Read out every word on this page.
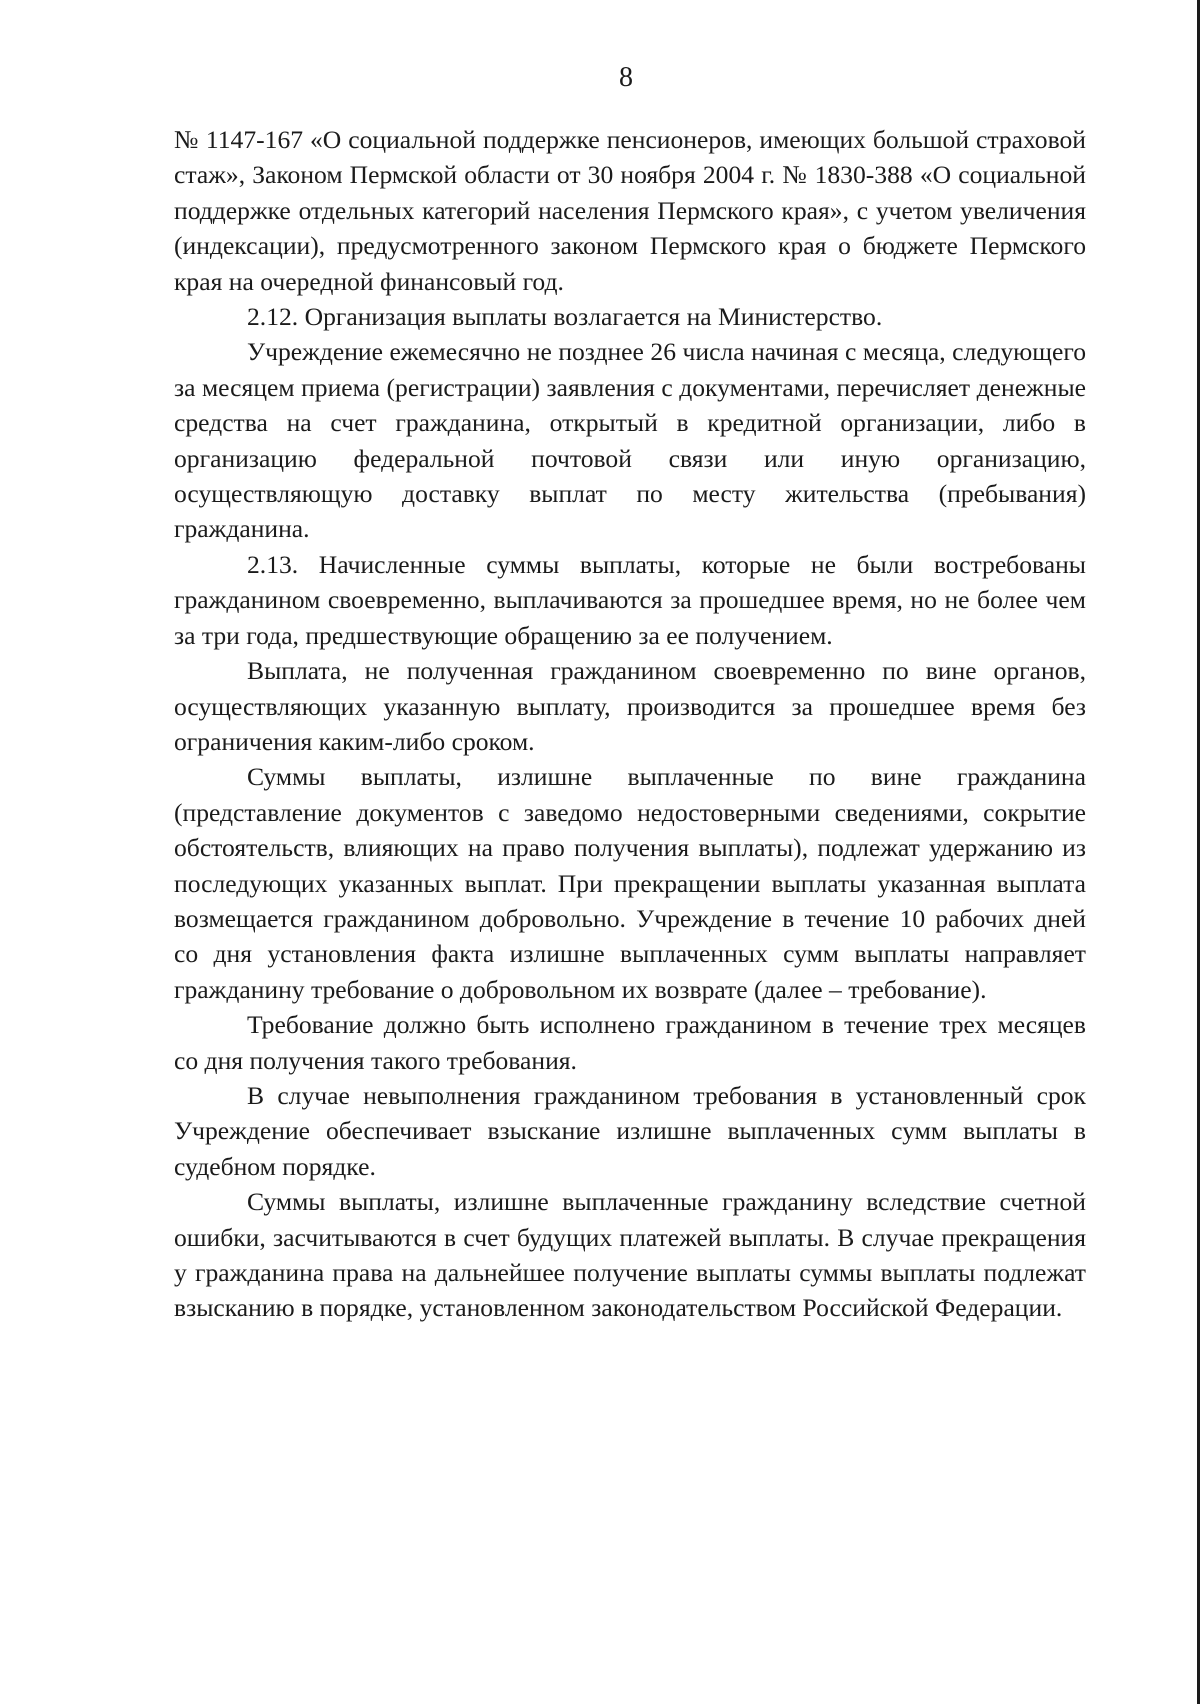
8

№ 1147-167 «О социальной поддержке пенсионеров, имеющих большой страховой стаж», Законом Пермской области от 30 ноября 2004 г. № 1830-388 «О социальной поддержке отдельных категорий населения Пермского края», с учетом увеличения (индексации), предусмотренного законом Пермского края о бюджете Пермского края на очередной финансовый год.

2.12. Организация выплаты возлагается на Министерство.

Учреждение ежемесячно не позднее 26 числа начиная с месяца, следующего за месяцем приема (регистрации) заявления с документами, перечисляет денежные средства на счет гражданина, открытый в кредитной организации, либо в организацию федеральной почтовой связи или иную организацию, осуществляющую доставку выплат по месту жительства (пребывания) гражданина.

2.13. Начисленные суммы выплаты, которые не были востребованы гражданином своевременно, выплачиваются за прошедшее время, но не более чем за три года, предшествующие обращению за ее получением.

Выплата, не полученная гражданином своевременно по вине органов, осуществляющих указанную выплату, производится за прошедшее время без ограничения каким-либо сроком.

Суммы выплаты, излишне выплаченные по вине гражданина (представление документов с заведомо недостоверными сведениями, сокрытие обстоятельств, влияющих на право получения выплаты), подлежат удержанию из последующих указанных выплат. При прекращении выплаты указанная выплата возмещается гражданином добровольно. Учреждение в течение 10 рабочих дней со дня установления факта излишне выплаченных сумм выплаты направляет гражданину требование о добровольном их возврате (далее – требование).

Требование должно быть исполнено гражданином в течение трех месяцев со дня получения такого требования.

В случае невыполнения гражданином требования в установленный срок Учреждение обеспечивает взыскание излишне выплаченных сумм выплаты в судебном порядке.

Суммы выплаты, излишне выплаченные гражданину вследствие счетной ошибки, засчитываются в счет будущих платежей выплаты. В случае прекращения у гражданина права на дальнейшее получение выплаты суммы выплаты подлежат взысканию в порядке, установленном законодательством Российской Федерации.
